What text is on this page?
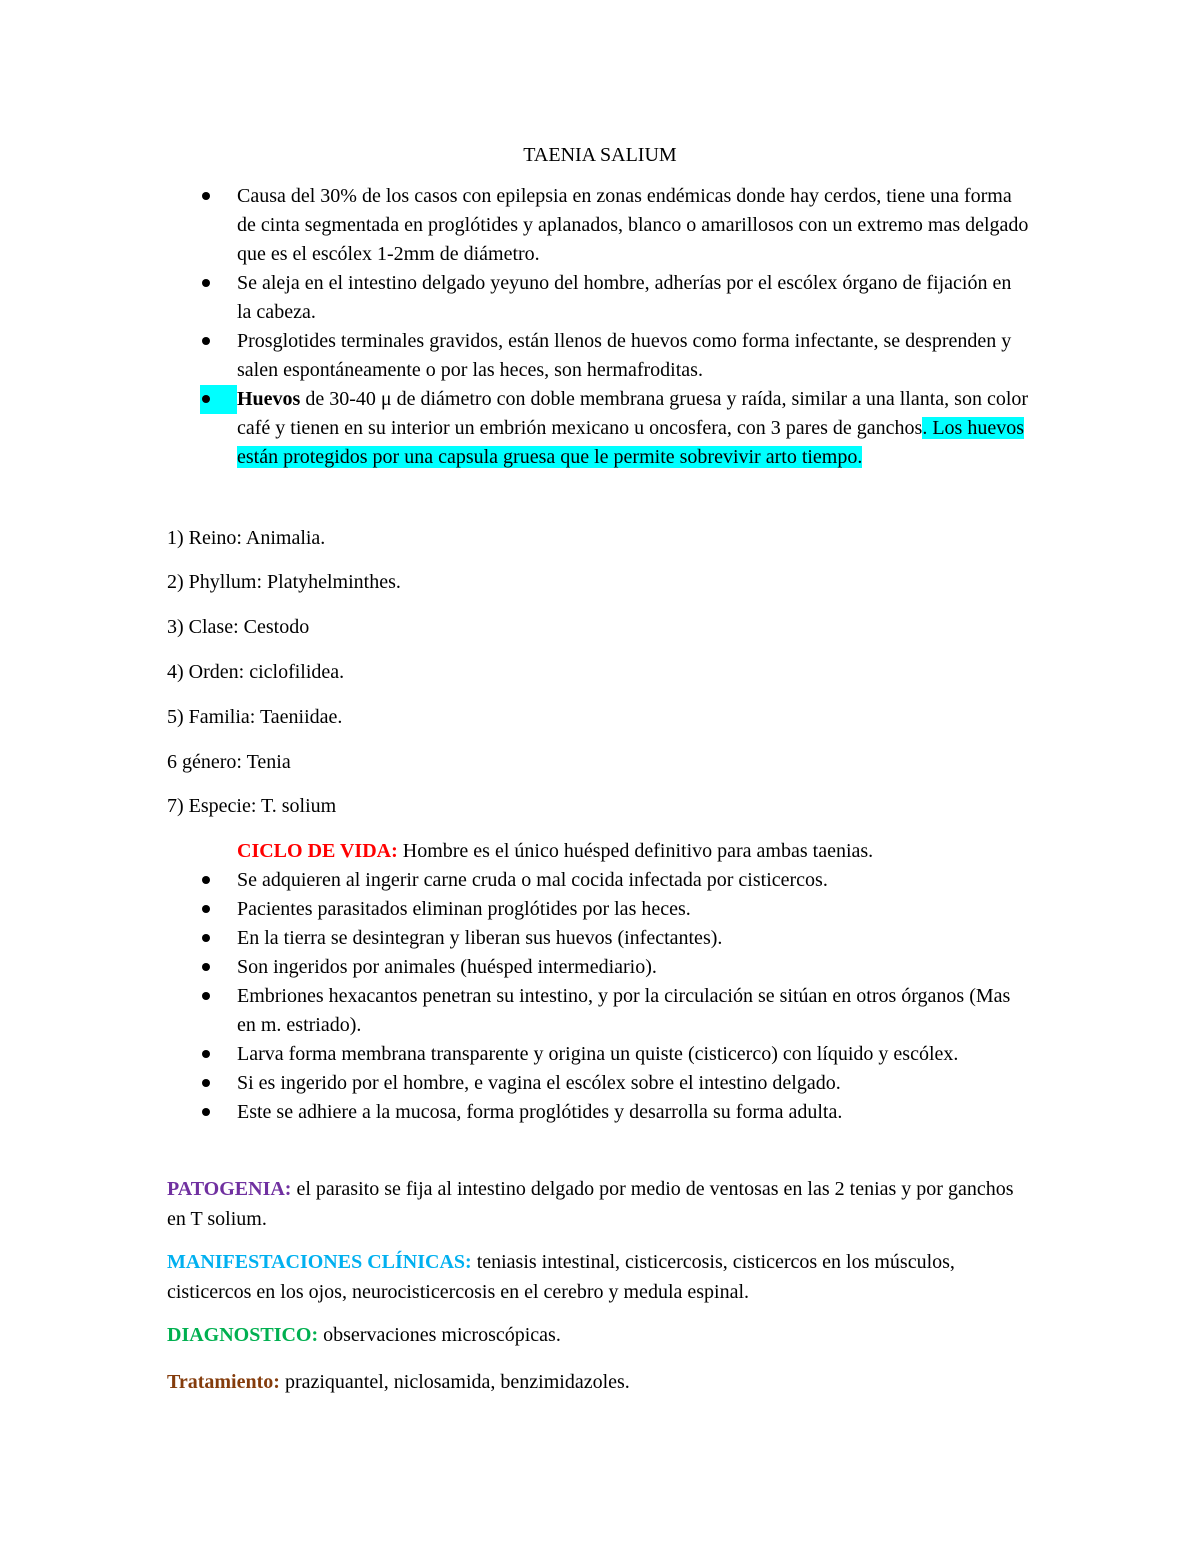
TAENIA SALIUM
Causa del 30% de los casos con epilepsia en zonas endémicas donde hay cerdos, tiene una forma de cinta segmentada en proglótides y aplanados, blanco o amarillosos con un extremo mas delgado que es el escólex 1-2mm de diámetro.
Se aleja en el intestino delgado yeyuno del hombre, adherías por el escólex órgano de fijación en la cabeza.
Prosglotides terminales gravidos, están llenos de huevos como forma infectante, se desprenden y salen espontáneamente o por las heces, son hermafroditas.
Huevos de 30-40 μ de diámetro con doble membrana gruesa y raída, similar a una llanta, son color café y tienen en su interior un embrión mexicano u oncosfera, con 3 pares de ganchos. Los huevos están protegidos por una capsula gruesa que le permite sobrevivir arto tiempo.
1) Reino: Animalia.
2) Phyllum: Platyhelminthes.
3) Clase: Cestodo
4) Orden: ciclofilidea.
5) Familia: Taeniidae.
6 género: Tenia
7) Especie: T. solium
CICLO DE VIDA: Hombre es el único huésped definitivo para ambas taenias.
Se adquieren al ingerir carne cruda o mal cocida infectada por cisticercos.
Pacientes parasitados eliminan proglótides por las heces.
En la tierra se desintegran y liberan sus huevos (infectantes).
Son ingeridos por animales (huésped intermediario).
Embriones hexacantos penetran su intestino, y por la circulación se sitúan en otros órganos (Mas en m. estriado).
Larva forma membrana transparente y origina un quiste (cisticerco) con líquido y escólex.
Si es ingerido por el hombre, e vagina el escólex sobre el intestino delgado.
Este se adhiere a la mucosa, forma proglótides y desarrolla su forma adulta.
PATOGENIA: el parasito se fija al intestino delgado por medio de ventosas en las 2 tenias y por ganchos en T solium.
MANIFESTACIONES CLÍNICAS: teniasis intestinal, cisticercosis, cisticercos en los músculos, cisticercos en los ojos, neurocisticercosis en el cerebro y medula espinal.
DIAGNOSTICO: observaciones microscópicas.
Tratamiento: praziquantel, niclosamida, benzimidazoles.
